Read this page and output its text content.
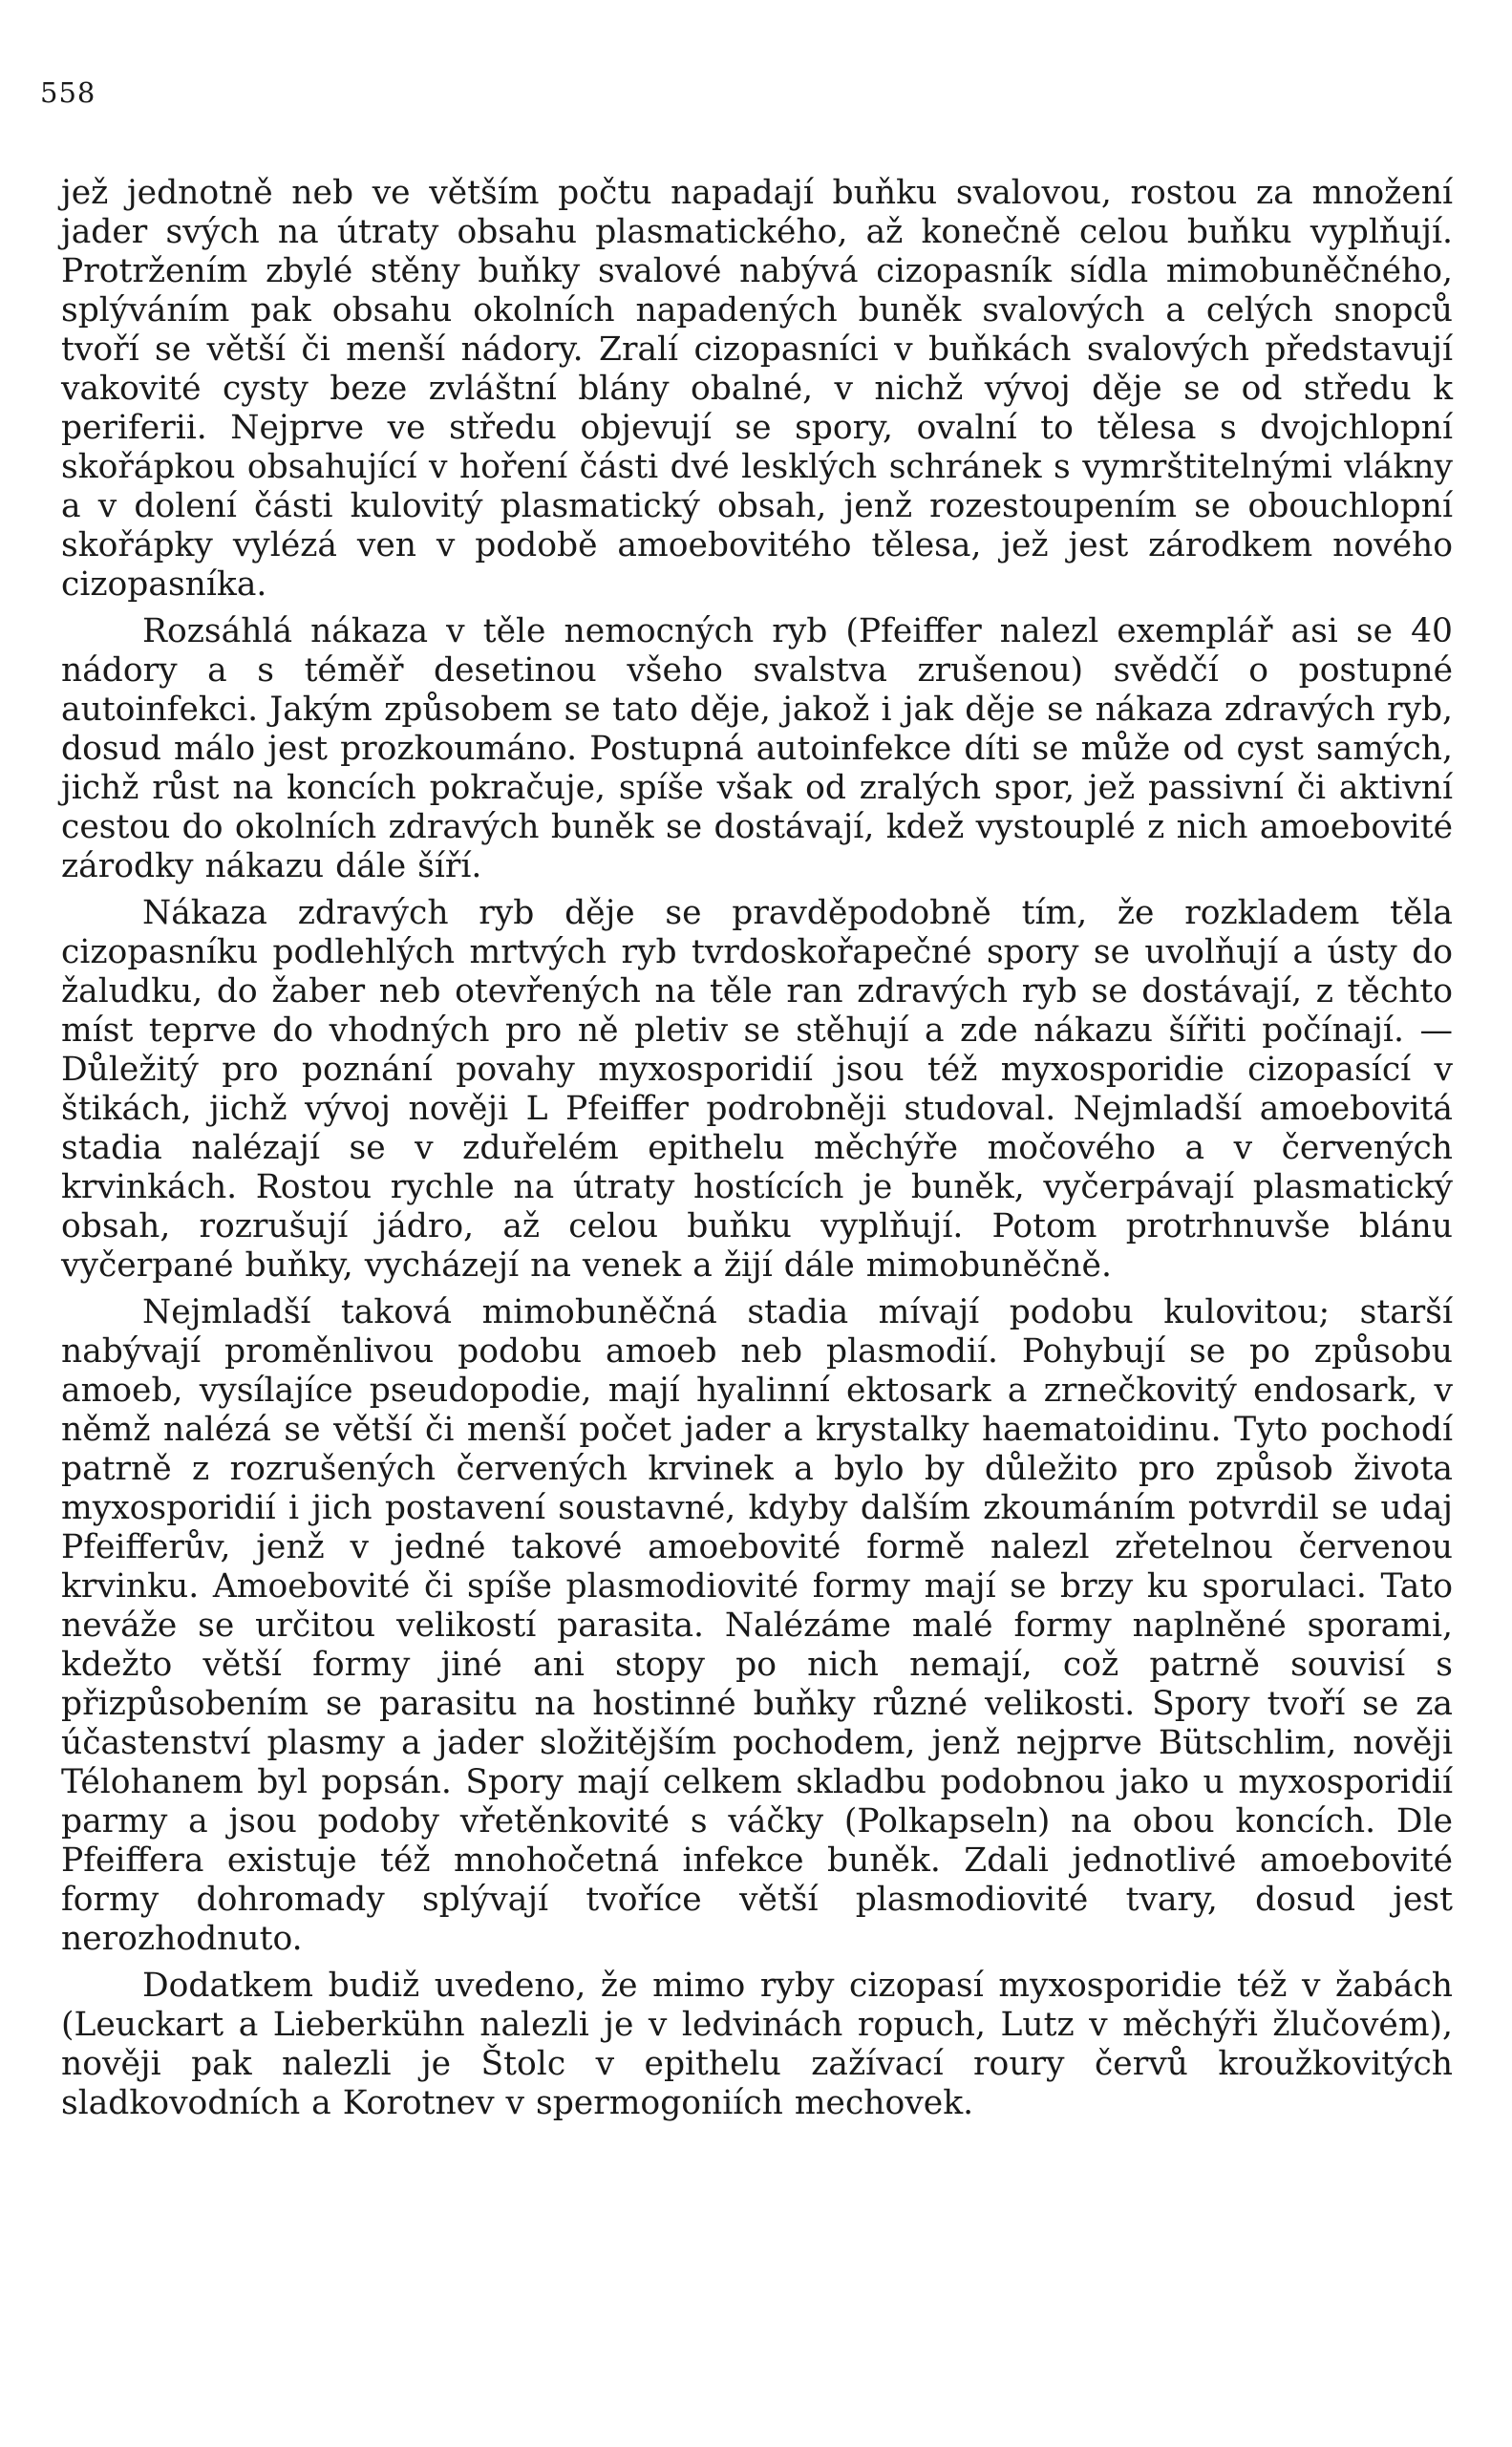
558

jež jednotně neb ve větším počtu napadají buňku svalovou, rostou za množení jader svých na útraty obsahu plasmatického, až konečně celou buňku vyplňují. Protržením zbylé stěny buňky svalové nabývá cizopasník sídla mimobuněčného, splýváním pak obsahu okolních napadených buněk svalových a celých snopců tvoří se větší či menší nádory. Zralí cizopasníci v buňkách svalových představují vakovité cysty beze zvláštní blány obalné, v nichž vývoj děje se od středu k periferii. Nejprve ve středu objevují se spory, ovalní to tělesa s dvojchlopní skořápkou obsahující v hoření části dvé lesklých schránek s vymrštitelnými vlákny a v dolení části kulovitý plasmatický obsah, jenž rozestoupením se obouchlopní skořápky vylézá ven v podobě amoebovitého tělesa, jež jest zárodkem nového cizopasníka.

Rozsáhlá nákaza v těle nemocných ryb (Pfeiffer nalezl exemplář asi se 40 nádory a s téměř desetinou všeho svalstva zrušenou) svědčí o postupné autoinfekci. Jakým způsobem se tato děje, jakož i jak děje se nákaza zdravých ryb, dosud málo jest prozkoumáno. Postupná autoinfekce díti se může od cyst samých, jichž růst na koncích pokračuje, spíše však od zralých spor, jež passivní či aktivní cestou do okolních zdravých buněk se dostávají, kdež vystouplé z nich amoebovité zárodky nákazu dále šíří.

Nákaza zdravých ryb děje se pravděpodobně tím, že rozkladem těla cizopasníku podlehlých mrtvých ryb tvrdoskořapečné spory se uvolňují a ústy do žaludku, do žaber neb otevřených na těle ran zdravých ryb se dostávají, z těchto míst teprve do vhodných pro ně pletiv se stěhují a zde nákazu šířiti počínají. — Důležitý pro poznání povahy myxosporidií jsou též myxosporidie cizopasící v štikách, jichž vývoj nověji L Pfeiffer podrobněji studoval. Nejmladší amoebovitá stadia nalézají se v zduřelém epithelu měchýře močového a v červených krvinkách. Rostou rychle na útraty hostících je buněk, vyčerpávají plasmatický obsah, rozrušují jádro, až celou buňku vyplňují. Potom protrhnuvše blánu vyčerpané buňky, vycházejí na venek a žijí dále mimobuněčně.

Nejmladší taková mimobuněčná stadia mívají podobu kulovitou; starší nabývají proměnlivou podobu amoeb neb plasmodií. Pohybují se po způsobu amoeb, vysílajíce pseudopodie, mají hyalinní ektosark a zrnečkovitý endosark, v němž nalézá se větší či menší počet jader a krystalky haematoidinu. Tyto pochodí patrně z rozrušených červených krvinek a bylo by důležito pro způsob života myxosporidií i jich postavení soustavné, kdyby dalším zkoumáním potvrdil se udaj Pfeifferův, jenž v jedné takové amoebovité formě nalezl zřetelnou červenou krvinku. Amoebovité či spíše plasmodiovité formy mají se brzy ku sporulaci. Tato neváže se určitou velikostí parasita. Nalézáme malé formy naplněné sporami, kdežto větší formy jiné ani stopy po nich nemají, což patrně souvisí s přizpůsobením se parasitu na hostinné buňky různé velikosti. Spory tvoří se za účastenství plasmy a jader složitějším pochodem, jenž nejprve Bütschlim, nověji Télohanem byl popsán. Spory mají celkem skladbu podobnou jako u myxosporidií parmy a jsou podoby vřetěnkovité s váčky (Polkapseln) na obou koncích. Dle Pfeiffera existuje též mnohočetná infekce buněk. Zdali jednotlivé amoebovité formy dohromady splývají tvoříce větší plasmodiovité tvary, dosud jest nerozhodnuto.

Dodatkem budiž uvedeno, že mimo ryby cizopasí myxosporidie též v žabách (Leuckart a Lieberkühn nalezli je v ledvinách ropuch, Lutz v měchýři žlučovém), nověji pak nalezli je Štolc v epithelu zažívací roury červů kroužkovitých sladkovodních a Korotnev v spermogoniích mechovek.
